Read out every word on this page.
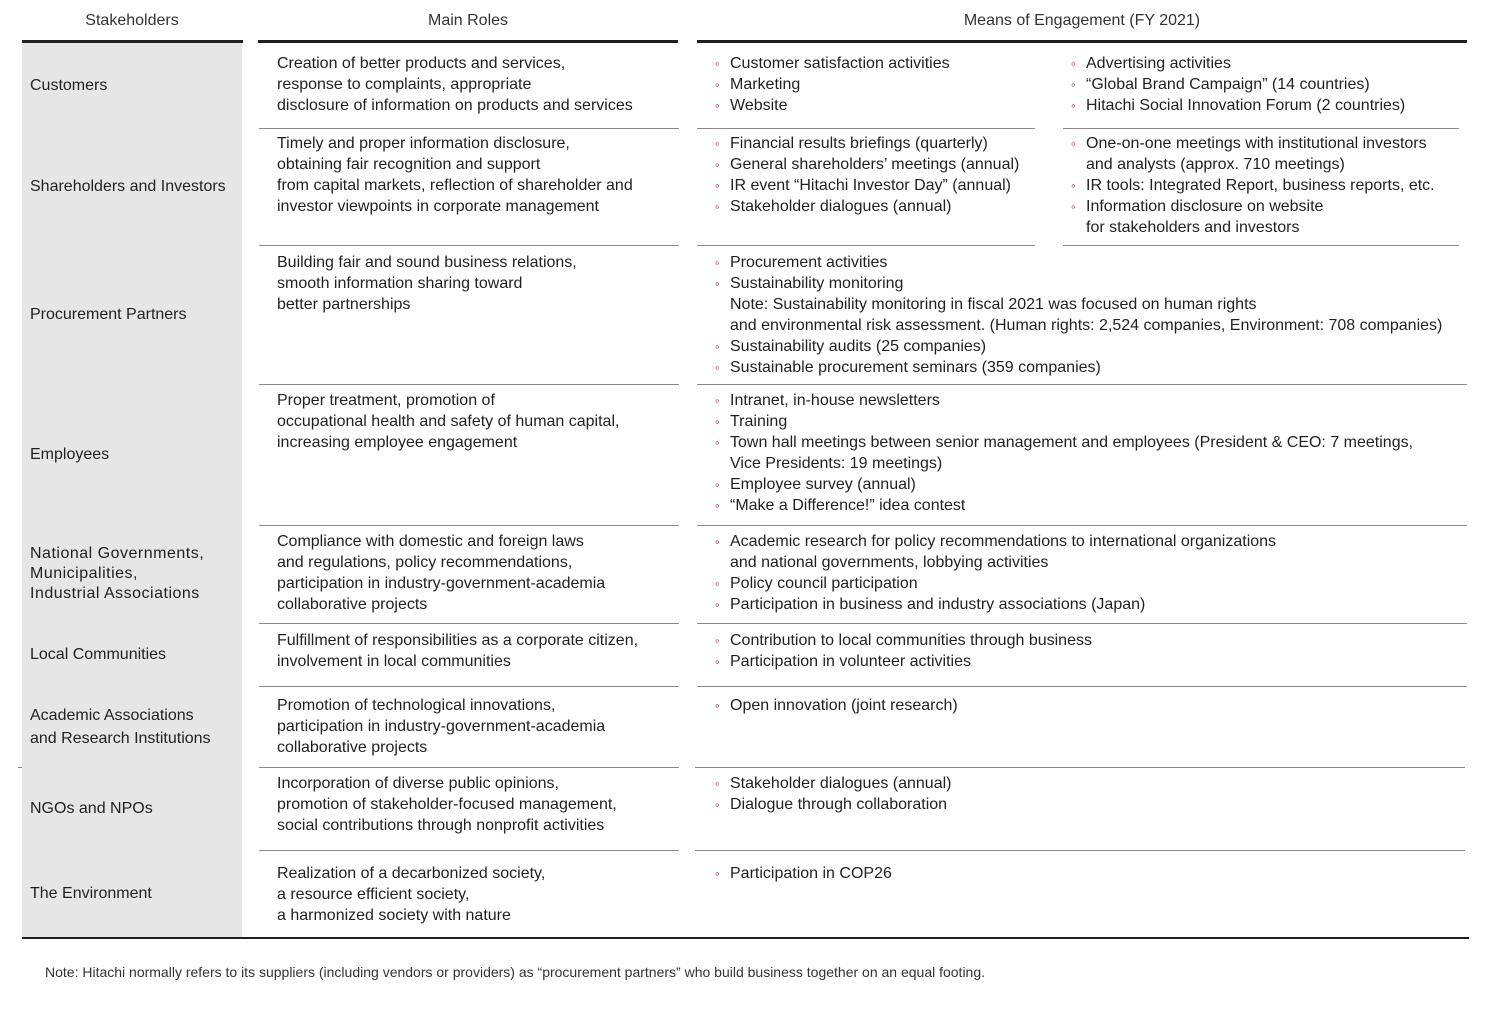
Stakeholders	Main Roles	Means of Engagement (FY 2021)
Customers
Creation of better products and services,
response to complaints, appropriate
disclosure of information on products and services
◦ Customer satisfaction activities
◦ Marketing
◦ Website
◦ Advertising activities
◦ “Global Brand Campaign” (14 countries)
◦ Hitachi Social Innovation Forum (2 countries)
Shareholders and Investors
Timely and proper information disclosure,
obtaining fair recognition and support
from capital markets, reflection of shareholder and
investor viewpoints in corporate management
◦ Financial results briefings (quarterly)
◦ General shareholders’ meetings (annual)
◦ IR event “Hitachi Investor Day” (annual)
◦ Stakeholder dialogues (annual)
◦ One-on-one meetings with institutional investors
and analysts (approx. 710 meetings)
◦ IR tools: Integrated Report, business reports, etc.
◦ Information disclosure on website
for stakeholders and investors
Procurement Partners
Building fair and sound business relations,
smooth information sharing toward
better partnerships
◦ Procurement activities
◦ Sustainability monitoring
Note: Sustainability monitoring in fiscal 2021 was focused on human rights
and environmental risk assessment. (Human rights: 2,524 companies, Environment: 708 companies)
◦ Sustainability audits (25 companies)
◦ Sustainable procurement seminars (359 companies)
Employees
Proper treatment, promotion of
occupational health and safety of human capital,
increasing employee engagement
◦ Intranet, in-house newsletters
◦ Training
◦ Town hall meetings between senior management and employees (President & CEO: 7 meetings,
Vice Presidents: 19 meetings)
◦ Employee survey (annual)
◦ “Make a Difference!” idea contest
National Governments,
Municipalities,
Industrial Associations
Compliance with domestic and foreign laws
and regulations, policy recommendations,
participation in industry-government-academia
collaborative projects
◦ Academic research for policy recommendations to international organizations
and national governments, lobbying activities
◦ Policy council participation
◦ Participation in business and industry associations (Japan)
Local Communities
Fulfillment of responsibilities as a corporate citizen,
involvement in local communities
◦ Contribution to local communities through business
◦ Participation in volunteer activities
Academic Associations
and Research Institutions
Promotion of technological innovations,
participation in industry-government-academia
collaborative projects
◦ Open innovation (joint research)
NGOs and NPOs
Incorporation of diverse public opinions,
promotion of stakeholder-focused management,
social contributions through nonprofit activities
◦ Stakeholder dialogues (annual)
◦ Dialogue through collaboration
The Environment
Realization of a decarbonized society,
a resource efficient society,
a harmonized society with nature
◦ Participation in COP26
Note: Hitachi normally refers to its suppliers (including vendors or providers) as “procurement partners” who build business together on an equal footing.
